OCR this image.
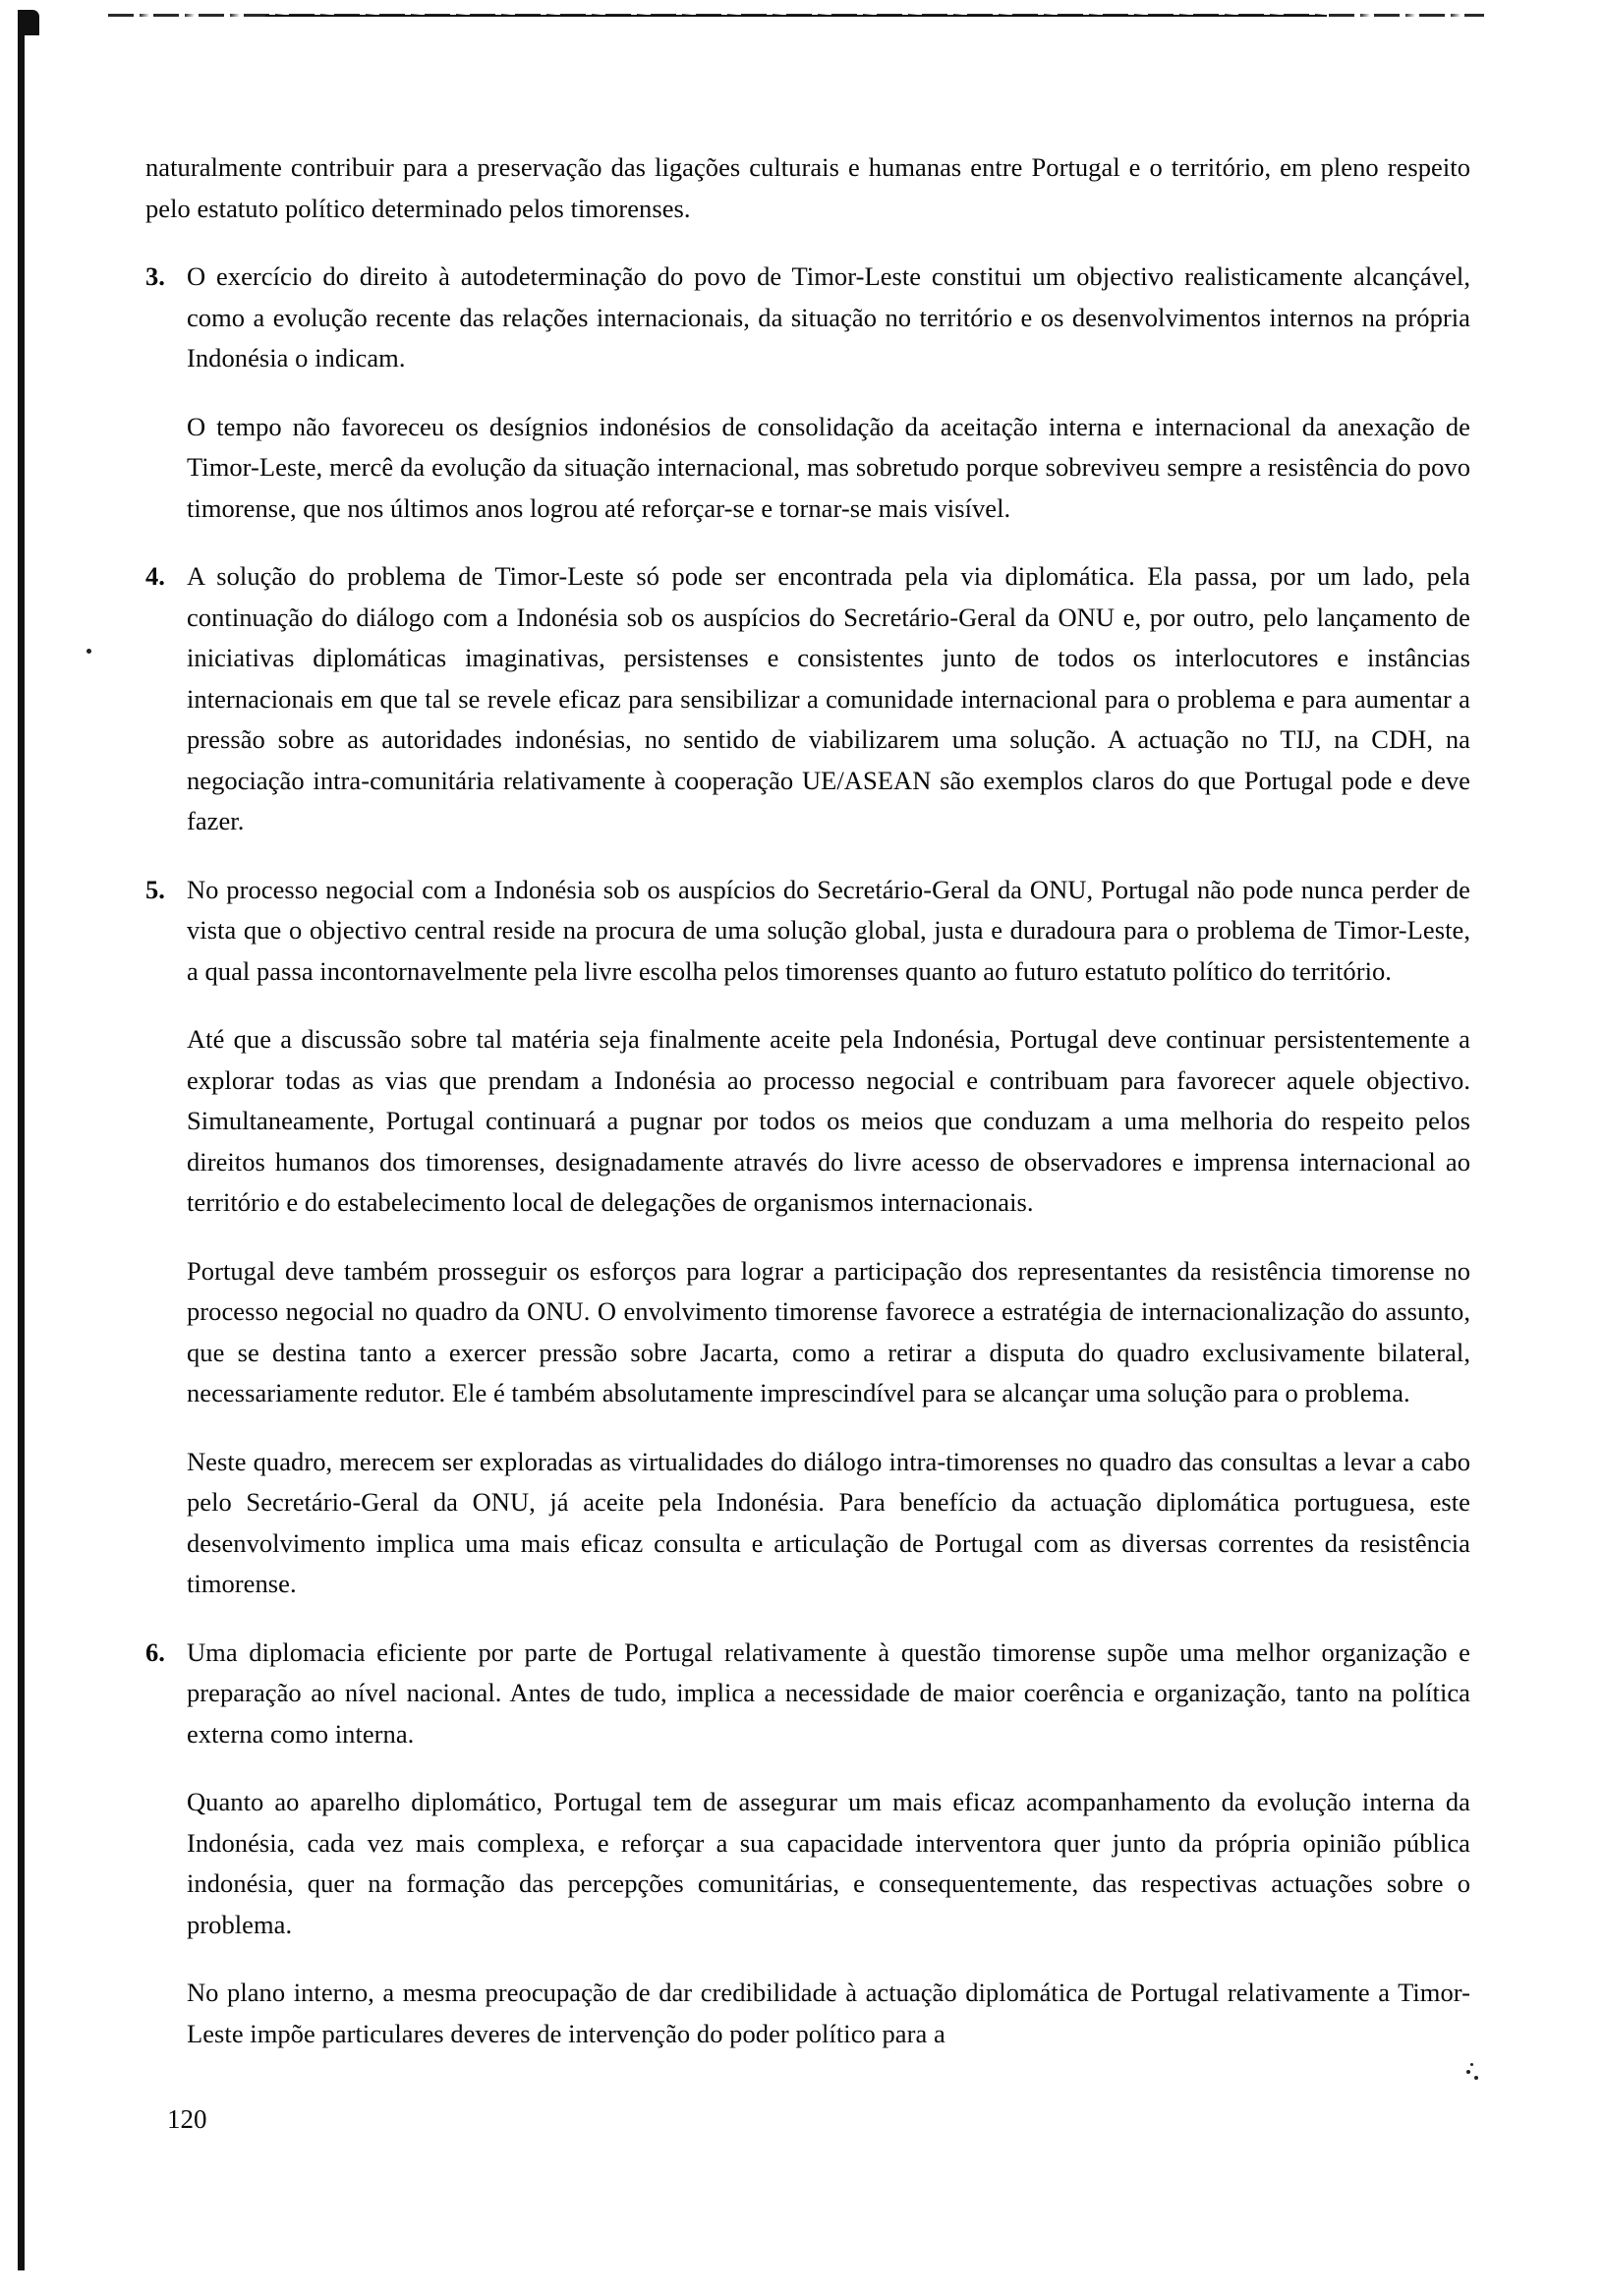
naturalmente contribuir para a preservação das ligações culturais e humanas entre Portugal e o território, em pleno respeito pelo estatuto político determinado pelos timorenses.

3. O exercício do direito à autodeterminação do povo de Timor-Leste constitui um objectivo realisticamente alcançável, como a evolução recente das relações internacionais, da situação no território e os desenvolvimentos internos na própria Indonésia o indicam.

O tempo não favoreceu os desígnios indonésios de consolidação da aceitação interna e internacional da anexação de Timor-Leste, mercê da evolução da situação internacional, mas sobretudo porque sobreviveu sempre a resistência do povo timorense, que nos últimos anos logrou até reforçar-se e tornar-se mais visível.

4. A solução do problema de Timor-Leste só pode ser encontrada pela via diplomática. Ela passa, por um lado, pela continuação do diálogo com a Indonésia sob os auspícios do Secretário-Geral da ONU e, por outro, pelo lançamento de iniciativas diplomáticas imaginativas, persistenses e consistentes junto de todos os interlocutores e instâncias internacionais em que tal se revele eficaz para sensibilizar a comunidade internacional para o problema e para aumentar a pressão sobre as autoridades indonésias, no sentido de viabilizarem uma solução. A actuação no TIJ, na CDH, na negociação intra-comunitária relativamente à cooperação UE/ASEAN são exemplos claros do que Portugal pode e deve fazer.

5. No processo negocial com a Indonésia sob os auspícios do Secretário-Geral da ONU, Portugal não pode nunca perder de vista que o objectivo central reside na procura de uma solução global, justa e duradoura para o problema de Timor-Leste, a qual passa incontornavelmente pela livre escolha pelos timorenses quanto ao futuro estatuto político do território.

Até que a discussão sobre tal matéria seja finalmente aceite pela Indonésia, Portugal deve continuar persistentemente a explorar todas as vias que prendam a Indonésia ao processo negocial e contribuam para favorecer aquele objectivo. Simultaneamente, Portugal continuará a pugnar por todos os meios que conduzam a uma melhoria do respeito pelos direitos humanos dos timorenses, designadamente através do livre acesso de observadores e imprensa internacional ao território e do estabelecimento local de delegações de organismos internacionais.

Portugal deve também prosseguir os esforços para lograr a participação dos representantes da resistência timorense no processo negocial no quadro da ONU. O envolvimento timorense favorece a estratégia de internacionalização do assunto, que se destina tanto a exercer pressão sobre Jacarta, como a retirar a disputa do quadro exclusivamente bilateral, necessariamente redutor. Ele é também absolutamente imprescindível para se alcançar uma solução para o problema.

Neste quadro, merecem ser exploradas as virtualidades do diálogo intra-timorenses no quadro das consultas a levar a cabo pelo Secretário-Geral da ONU, já aceite pela Indonésia. Para benefício da actuação diplomática portuguesa, este desenvolvimento implica uma mais eficaz consulta e articulação de Portugal com as diversas correntes da resistência timorense.

6. Uma diplomacia eficiente por parte de Portugal relativamente à questão timorense supõe uma melhor organização e preparação ao nível nacional. Antes de tudo, implica a necessidade de maior coerência e organização, tanto na política externa como interna.

Quanto ao aparelho diplomático, Portugal tem de assegurar um mais eficaz acompanhamento da evolução interna da Indonésia, cada vez mais complexa, e reforçar a sua capacidade interventora quer junto da própria opinião pública indonésia, quer na formação das percepções comunitárias, e consequentemente, das respectivas actuações sobre o problema.

No plano interno, a mesma preocupação de dar credibilidade à actuação diplomática de Portugal relativamente a Timor-Leste impõe particulares deveres de intervenção do poder político para a

120
